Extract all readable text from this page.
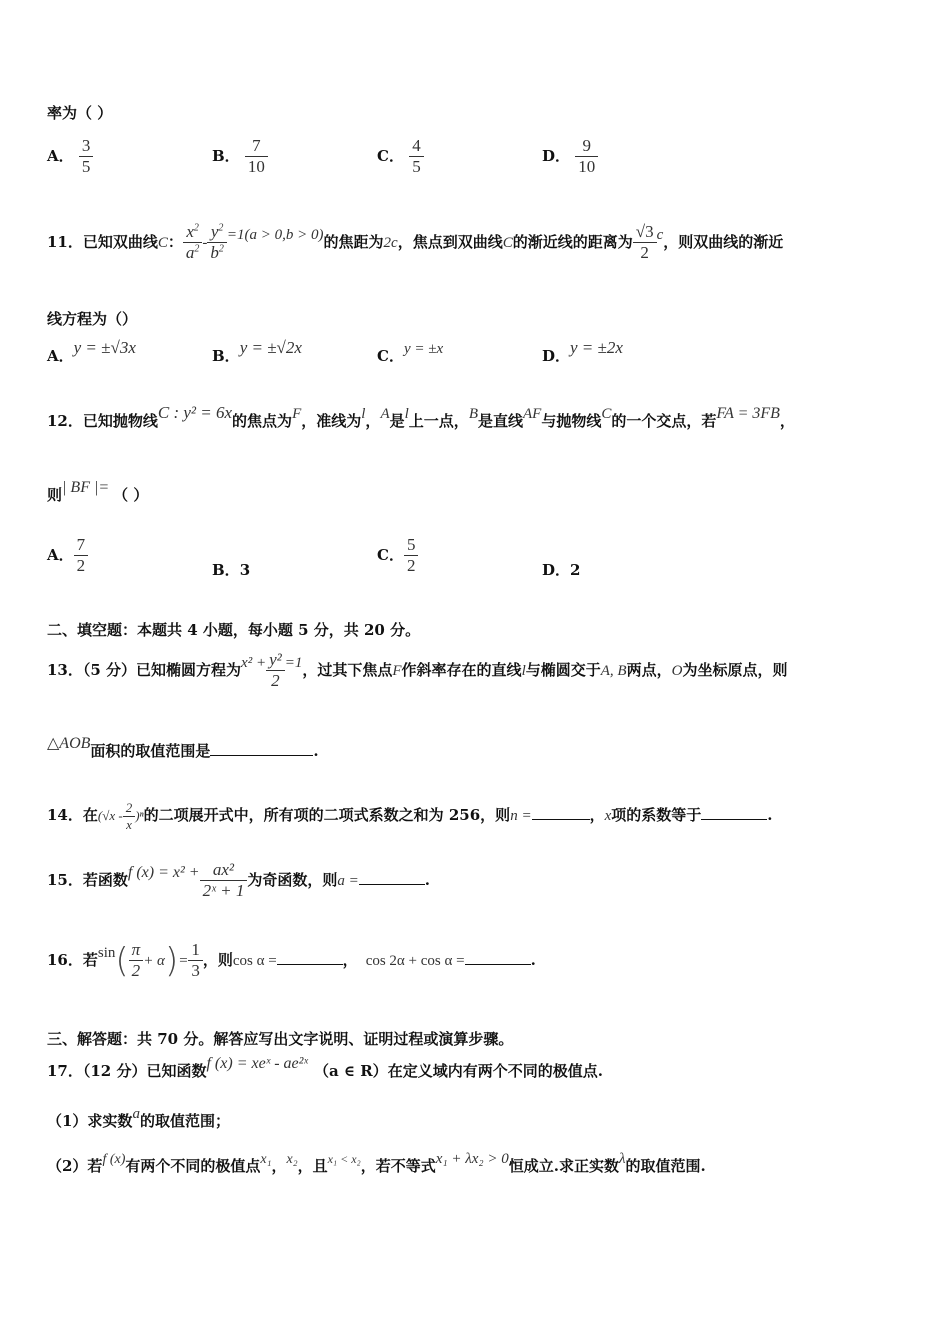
率为（ ）
A． $\frac{3}{5}$	B． $\frac{7}{10}$	C． $\frac{4}{5}$	D． $\frac{9}{10}$
11．已知双曲线C： $\frac{x^2}{a^2} - \frac{y^2}{b^2} =1(a > 0,b > 0)$的焦距为2c，焦点到双曲线C的渐近线的距离为 $\frac{√3}{2}$ c，则双曲线的渐近
线方程为（）
A．y = ±√3x	B．y = ±√2x	C．y = ±x	D．y = ±2x
12．已知抛物线C : y² = 6x的焦点为F，准线为l，A是l上一点，B是直线AF与抛物线C的一个交点，若FA = 3FB，
则| BF |= （ ）
A． $\frac{7}{2}$	B．3
C． $\frac{5}{2}$	D．2
二、填空题：本题共 4 小题，每小题 5 分，共 20 分。
13．（5 分）已知椭圆方程为$x^2 + \frac{\text{y²}}{2} =1$，过其下焦点F作斜率存在的直线l与椭圆交于A, B两点，O为坐标原点，则
△AOB面积的取值范围是	.
14．在$(√x - \frac{2}{x} )^n$的二项展开式中，所有项的二项式系数之和为 256，则n =	，x项的系数等于	.
15．若函数f $(x) = x^2 + \frac{\text{ax²}}{\text{2ˣ + 1}}$ 为奇函数，则a =	.
16．若$\sin( \frac{\pi}{2} + \alpha)= \frac{1}{3}$ ，则cos α =	， cos 2α + cos α =	.
三、解答题：共 70 分。解答应写出文字说明、证明过程或演算步骤。
17．（12 分）已知函数f (x) = xeˣ - ae²ˣ （a ∈ R）在定义域内有两个不同的极值点.
（1）求实数a的取值范围；
（2）若f (x)有两个不同的极值点x₁，x₂，且$^{x_1 < x_2}$，若不等式x₁ + λx₂ > 0恒成立.求正实数λ的取值范围.
